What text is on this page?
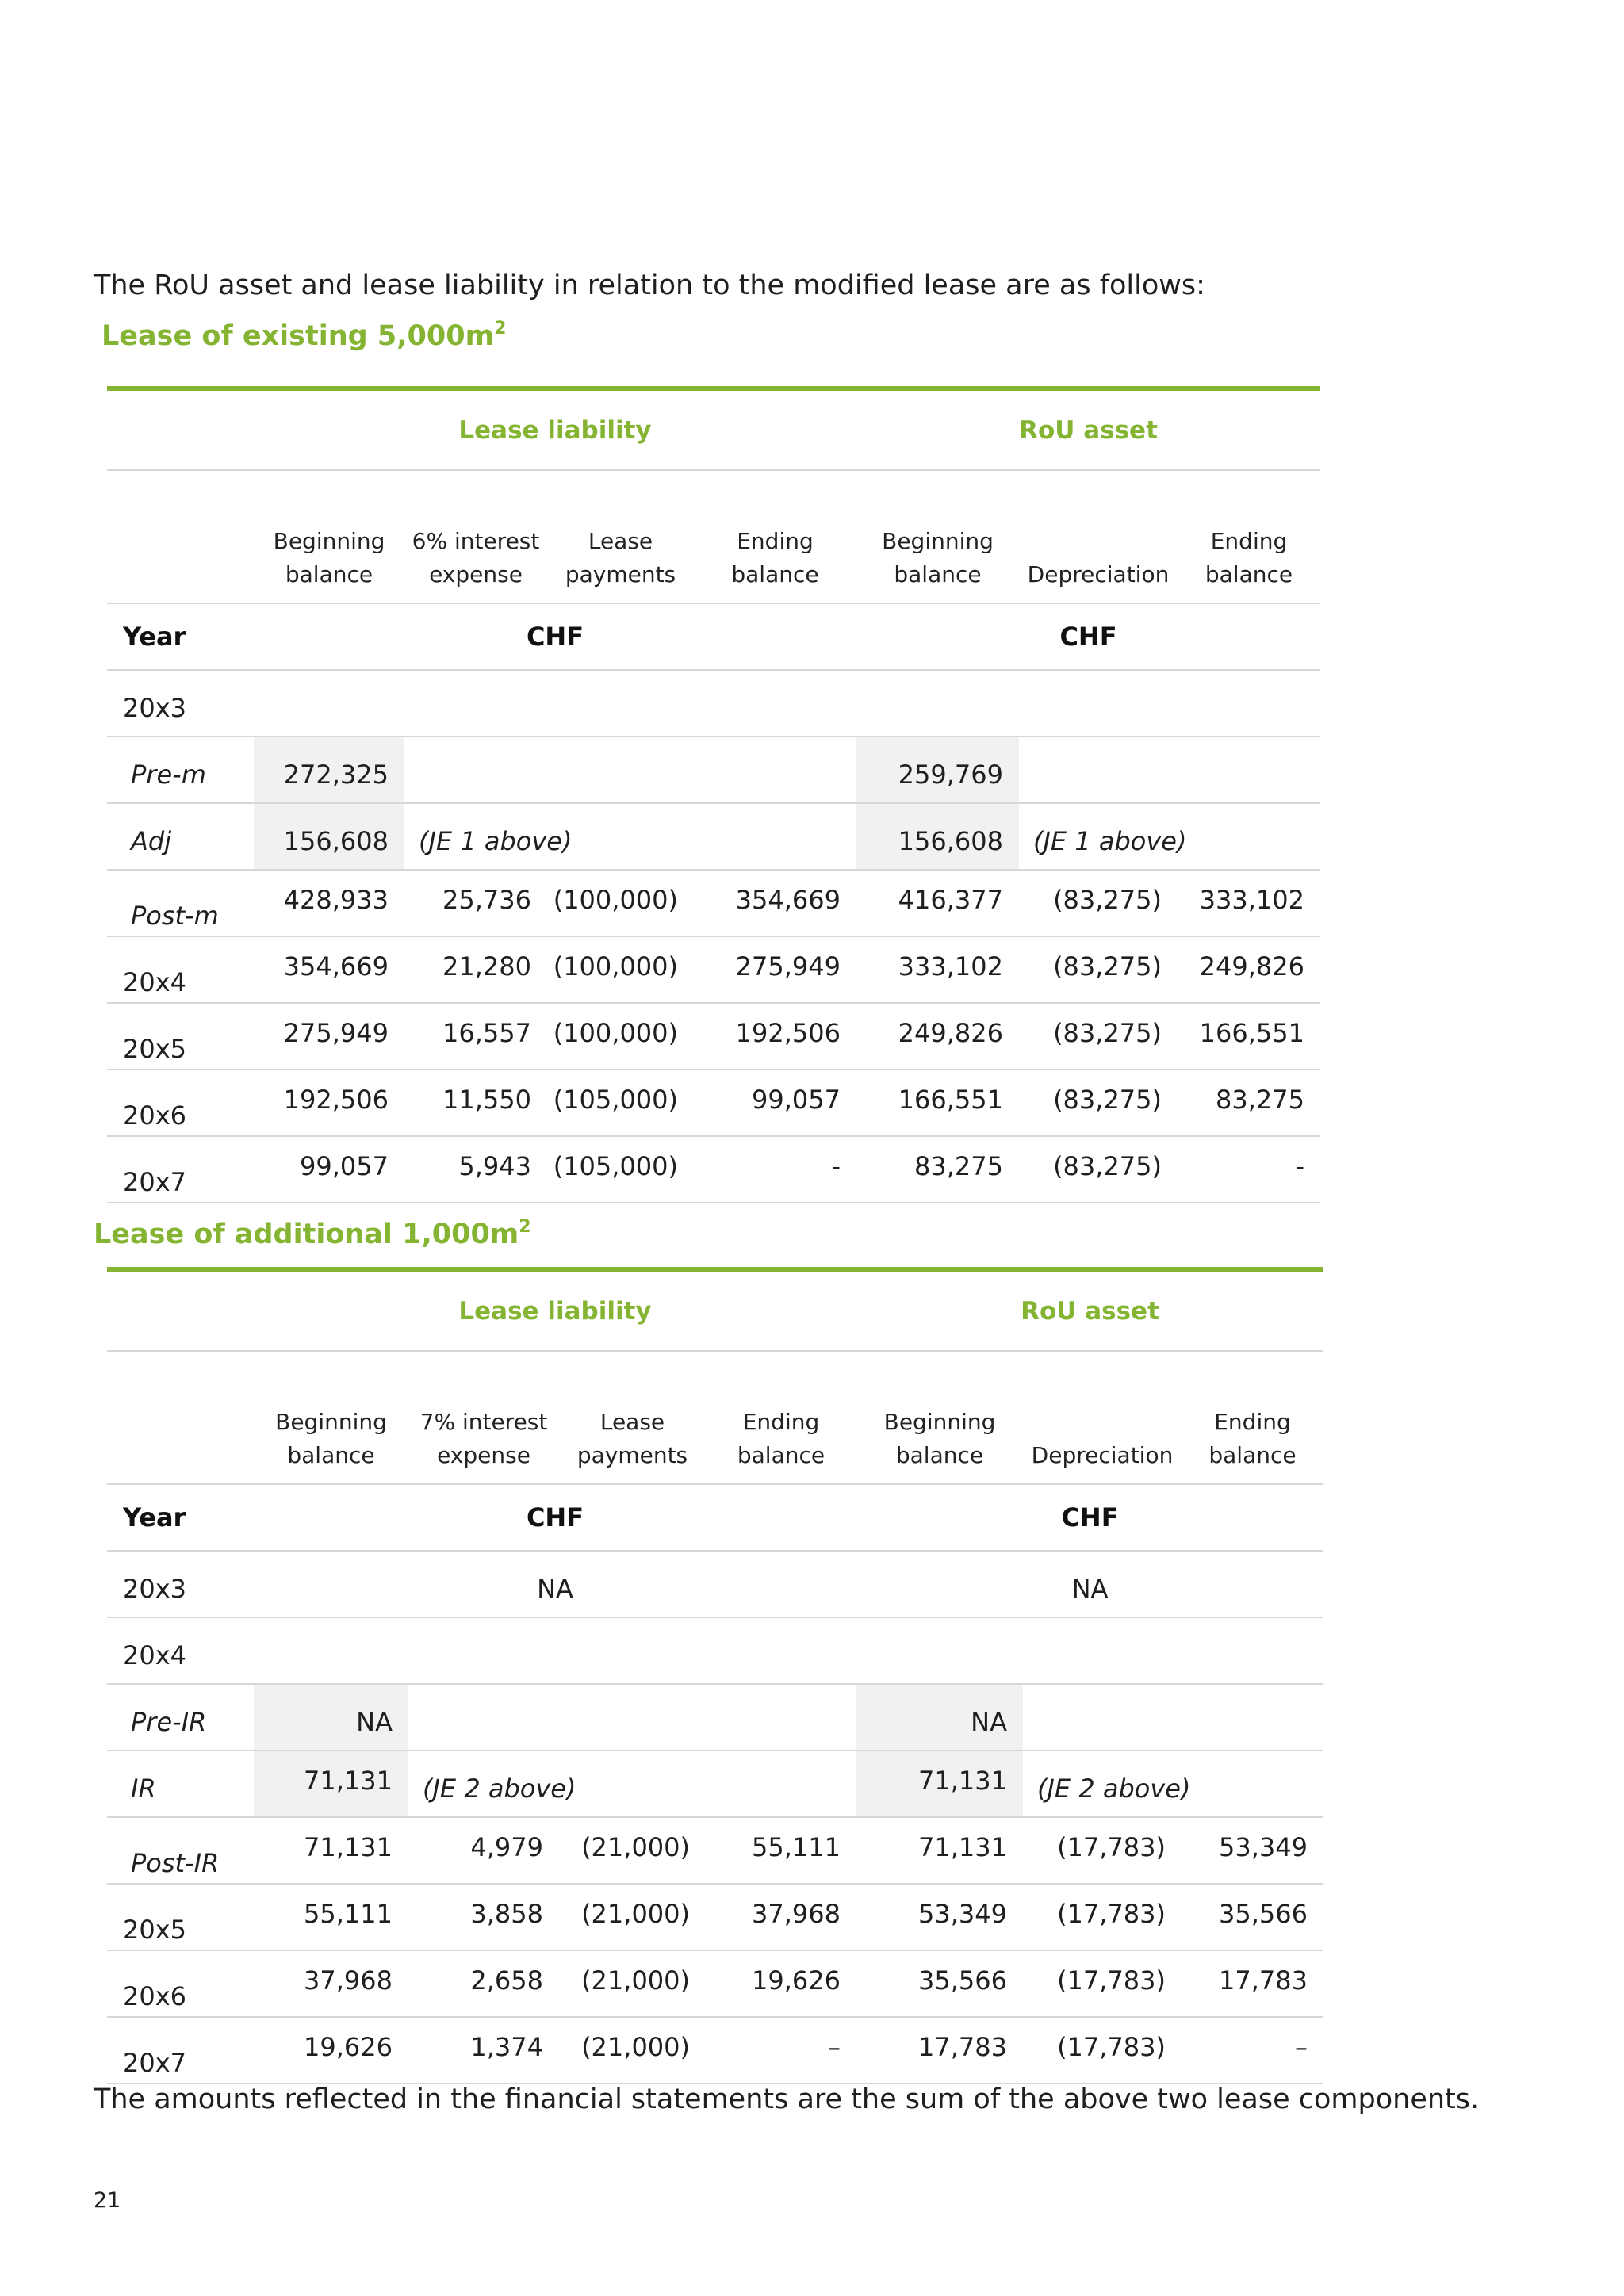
The RoU asset and lease liability in relation to the modified lease are as follows:
Lease of existing $5,000m^2$

	Lease liability				RoU asset		
	Beginning balance	6% interest expense	Lease payments	Ending balance	Beginning balance	Depreciation	Ending balance
Year	CHF				CHF		
20x3							
Pre-m	272,325				259,769		
Adj	156,608	(JE 1 above)			156,608	(JE 1 above)	
Post-m	428,933	25,736	(100,000)	354,669	416,377	(83,275)	333,102
20x4	354,669	21,280	(100,000)	275,949	333,102	(83,275)	249,826
20x5	275,949	16,557	(100,000)	192,506	249,826	(83,275)	166,551
20x6	192,506	11,550	(105,000)	99,057	166,551	(83,275)	83,275
20x7	99,057	5,943	(105,000)	-	83,275	(83,275)	-
Lease of additional $1,000m^2$

	Lease liability				RoU asset		
	Beginning balance	7% interest expense	Lease payments	Ending balance	Beginning balance	Depreciation	Ending balance
Year	CHF				CHF		
20x3	NA				NA		
20x4							
Pre-IR	NA				NA		
IR	71,131	(JE 2 above)			71,131	(JE 2 above)	
Post-IR	71,131	4,979	(21,000)	55,111	71,131	(17,783)	53,349
20x5	55,111	3,858	(21,000)	37,968	53,349	(17,783)	35,566
20x6	37,968	2,658	(21,000)	19,626	35,566	(17,783)	17,783
20x7	19,626	1,374	(21,000)	–	17,783	(17,783)	–
The amounts reflected in the financial statements are the sum of the above two lease components.
21
